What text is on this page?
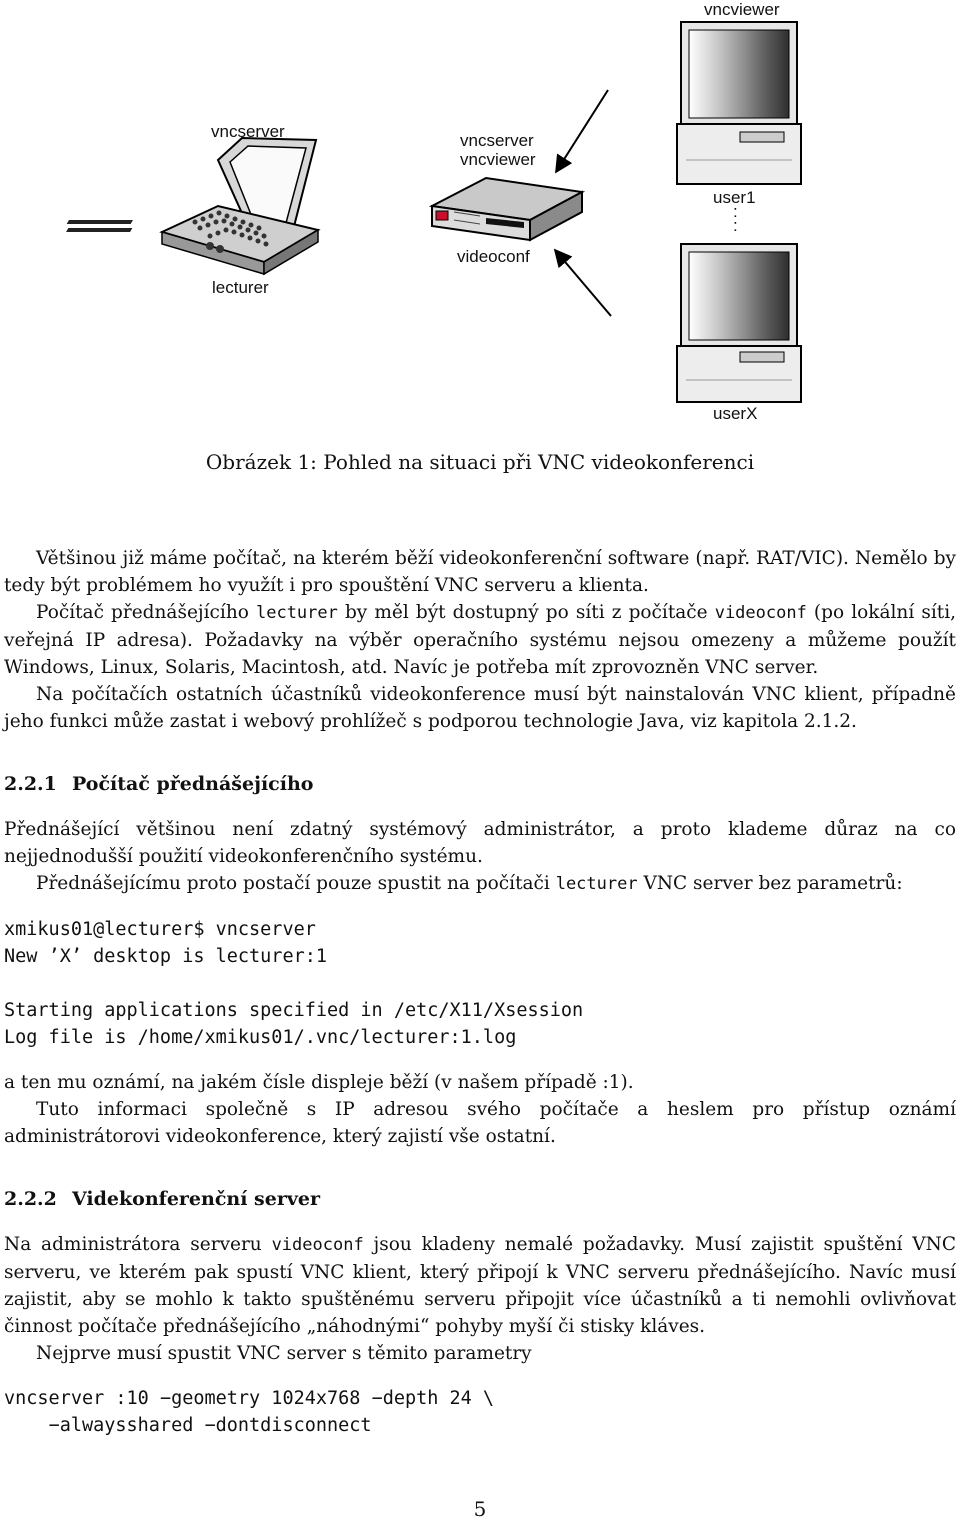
vncviewer
vncserver
lecturer
vncserver
vncviewer
videoconf
user1
:
:
userX
Obrázek 1: Pohled na situaci při VNC videokonferenci

Většinou již máme počítač, na kterém běží videokonferenční software (např. RAT/VIC). Nemělo by tedy být problémem ho využít i pro spouštění VNC serveru a klienta.

Počítač přednášejícího lecturer by měl být dostupný po síti z počítače videoconf (po lokální síti, veřejná IP adresa). Požadavky na výběr operačního systému nejsou omezeny a můžeme použít Windows, Linux, Solaris, Macintosh, atd. Navíc je potřeba mít zprovozněn VNC server.

Na počítačích ostatních účastníků videokonference musí být nainstalován VNC klient, případně jeho funkci může zastat i webový prohlížeč s podporou technologie Java, viz kapitola 2.1.2.

2.2.1 Počítač přednášejícího

Přednášející většinou není zdatný systémový administrátor, a proto klademe důraz na co nejjednodušší použití videokonferenčního systému.

Přednášejícímu proto postačí pouze spustit na počítači lecturer VNC server bez parametrů:

xmikus01@lecturer$ vncserver
New ’X’ desktop is lecturer:1

Starting applications specified in /etc/X11/Xsession
Log file is /home/xmikus01/.vnc/lecturer:1.log

a ten mu oznámí, na jakém čísle displeje běží (v našem případě :1).

Tuto informaci společně s IP adresou svého počítače a heslem pro přístup oznámí administrátorovi videokonference, který zajistí vše ostatní.

2.2.2 Videkonferenční server

Na administrátora serveru videoconf jsou kladeny nemalé požadavky. Musí zajistit spuštění VNC serveru, ve kterém pak spustí VNC klient, který připojí k VNC serveru přednášejícího. Navíc musí zajistit, aby se mohlo k takto spuštěnému serveru připojit více účastníků a ti nemohli ovlivňovat činnost počítače přednášejícího „náhodnými“ pohyby myší či stisky kláves.

Nejprve musí spustit VNC server s těmito parametry

vncserver :10 −geometry 1024x768 −depth 24 \
−alwaysshared −dontdisconnect
5
